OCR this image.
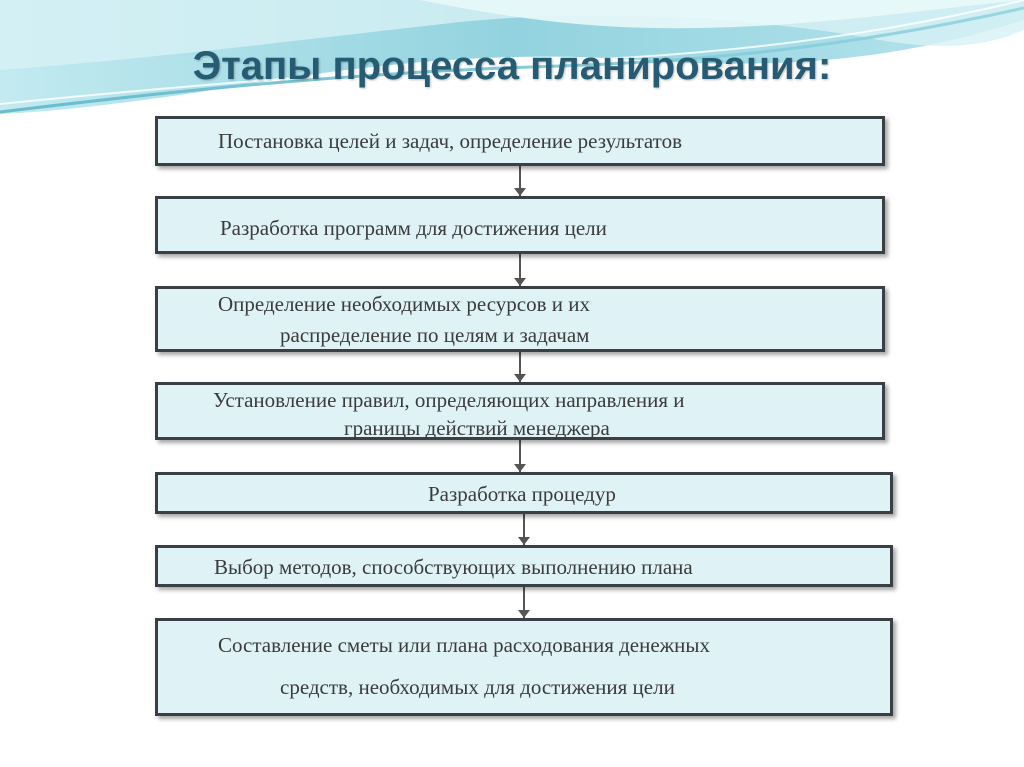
Этапы процесса планирования:
Постановка целей и задач, определение результатов
Разработка программ для достижения цели
Определение необходимых ресурсов и их
распределение по целям и задачам
Установление правил, определяющих направления и
границы действий менеджера
Разработка процедур
Выбор методов, способствующих выполнению плана
Составление сметы или плана расходования денежных
средств, необходимых для достижения цели
